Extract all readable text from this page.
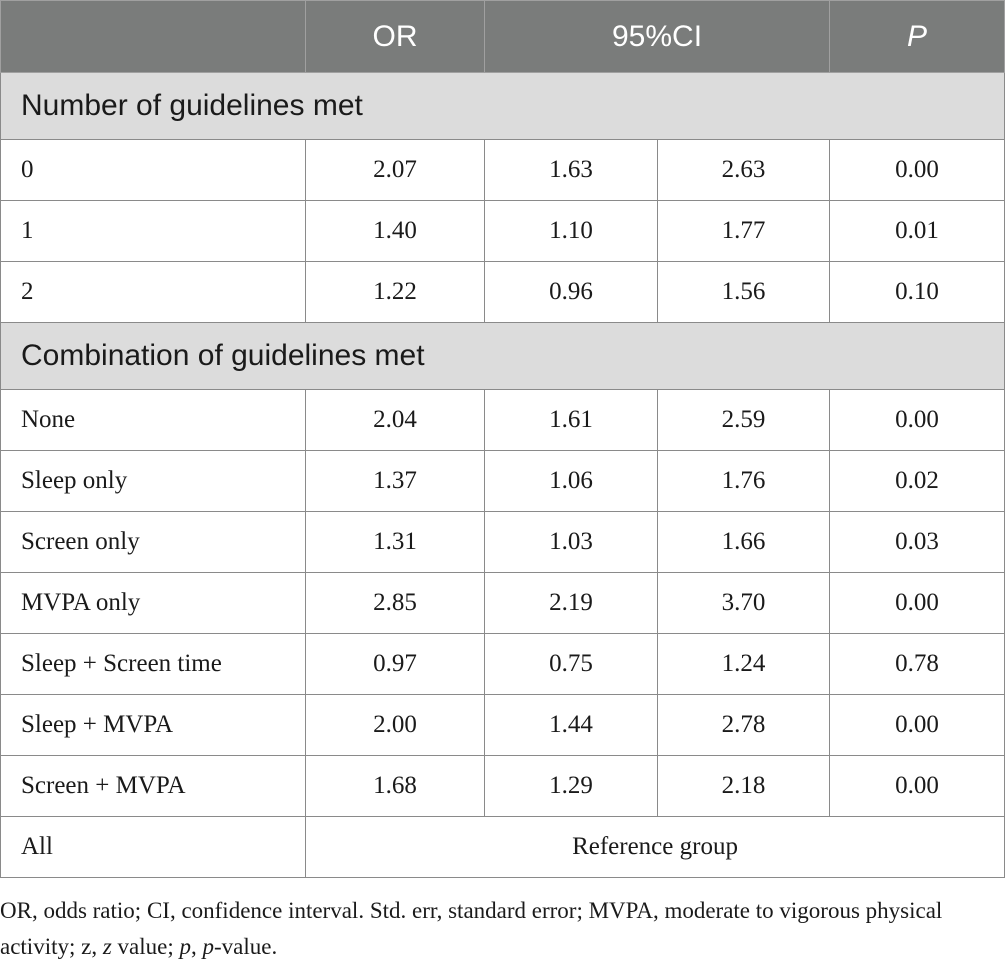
	OR	95%CI		P
Number of guidelines met				
0	2.07	1.63	2.63	0.00
1	1.40	1.10	1.77	0.01
2	1.22	0.96	1.56	0.10
Combination of guidelines met				
None	2.04	1.61	2.59	0.00
Sleep only	1.37	1.06	1.76	0.02
Screen only	1.31	1.03	1.66	0.03
MVPA only	2.85	2.19	3.70	0.00
Sleep + Screen time	0.97	0.75	1.24	0.78
Sleep + MVPA	2.00	1.44	2.78	0.00
Screen + MVPA	1.68	1.29	2.18	0.00
All	Reference group			
OR, odds ratio; CI, confidence interval. Std. err, standard error; MVPA, moderate to vigorous physical activity; z, z value; p, p-value.
